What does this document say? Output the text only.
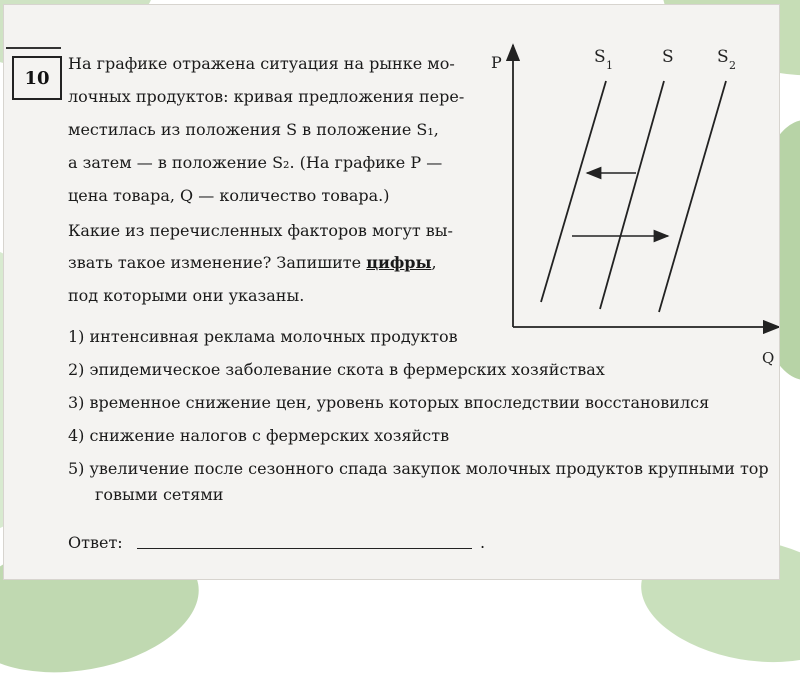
10
На графике отражена ситуация на рынке мо-
лочных продуктов: кривая предложения пере-
местилась из положения S в положение S₁,
а затем — в положение S₂. (На графике P —
цена товара, Q — количество товара.)
Какие из перечисленных факторов могут вы-
звать такое изменение? Запишите цифры,
под которыми они указаны.
1) интенсивная реклама молочных продуктов
2) эпидемическое заболевание скота в фермерских хозяйствах
3) временное снижение цен, уровень которых впоследствии восстановился
4) снижение налогов с фермерских хозяйств
5) увеличение после сезонного спада закупок молочных продуктов крупными тор
говыми сетями
Ответ:	.
P
Q
S 1	S	S 2
